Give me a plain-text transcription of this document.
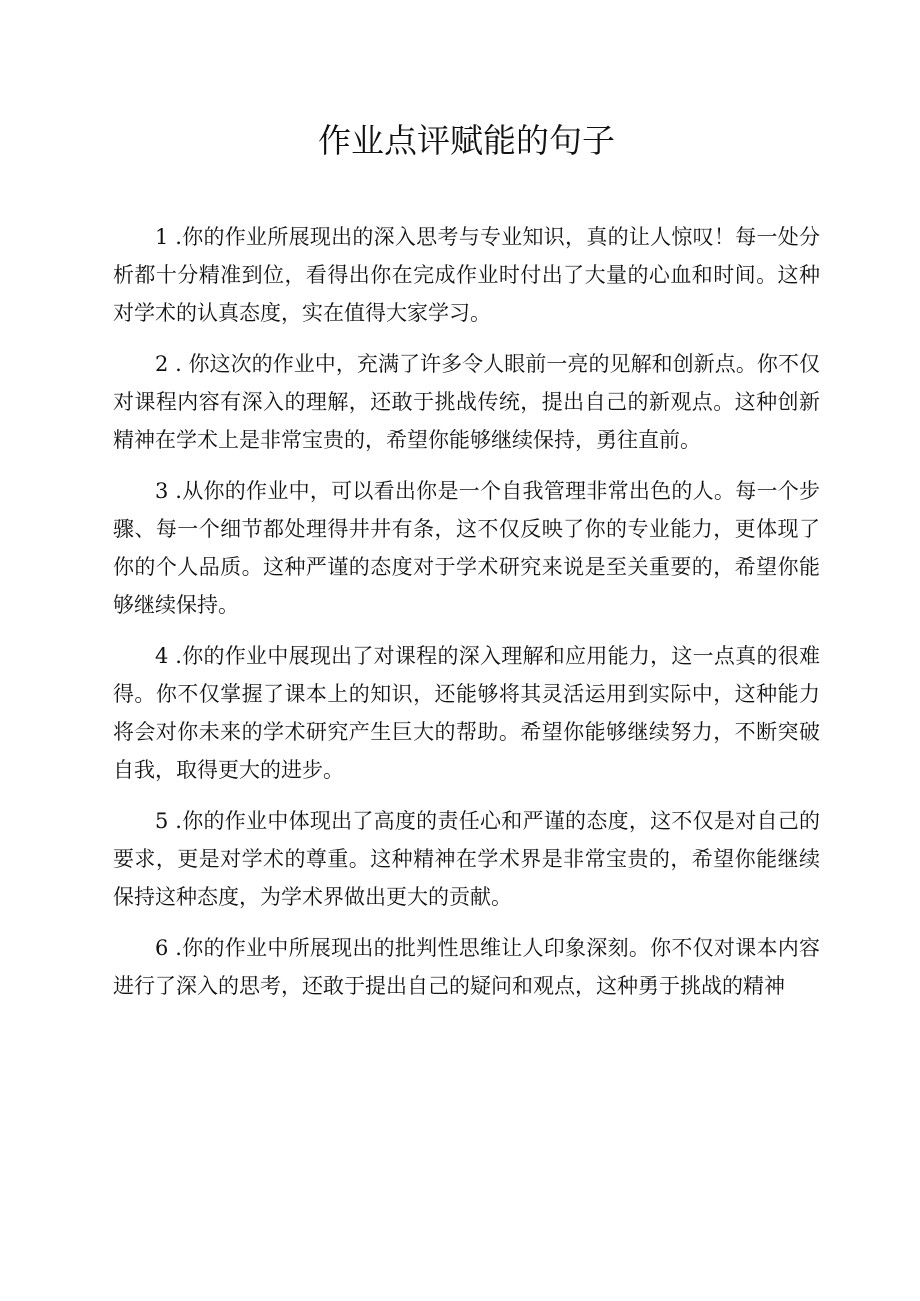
作业点评赋能的句子

1 .你的作业所展现出的深入思考与专业知识，真的让人惊叹！每一处分析都十分精准到位，看得出你在完成作业时付出了大量的心血和时间。这种对学术的认真态度，实在值得大家学习。

2 . 你这次的作业中，充满了许多令人眼前一亮的见解和创新点。你不仅对课程内容有深入的理解，还敢于挑战传统，提出自己的新观点。这种创新精神在学术上是非常宝贵的，希望你能够继续保持，勇往直前。

3 .从你的作业中，可以看出你是一个自我管理非常出色的人。每一个步骤、每一个细节都处理得井井有条，这不仅反映了你的专业能力，更体现了你的个人品质。这种严谨的态度对于学术研究来说是至关重要的，希望你能够继续保持。

4 .你的作业中展现出了对课程的深入理解和应用能力，这一点真的很难得。你不仅掌握了课本上的知识，还能够将其灵活运用到实际中，这种能力将会对你未来的学术研究产生巨大的帮助。希望你能够继续努力，不断突破自我，取得更大的进步。

5 .你的作业中体现出了高度的责任心和严谨的态度，这不仅是对自己的要求，更是对学术的尊重。这种精神在学术界是非常宝贵的，希望你能继续保持这种态度，为学术界做出更大的贡献。

6 .你的作业中所展现出的批判性思维让人印象深刻。你不仅对课本内容进行了深入的思考，还敢于提出自己的疑问和观点，这种勇于挑战的精神
